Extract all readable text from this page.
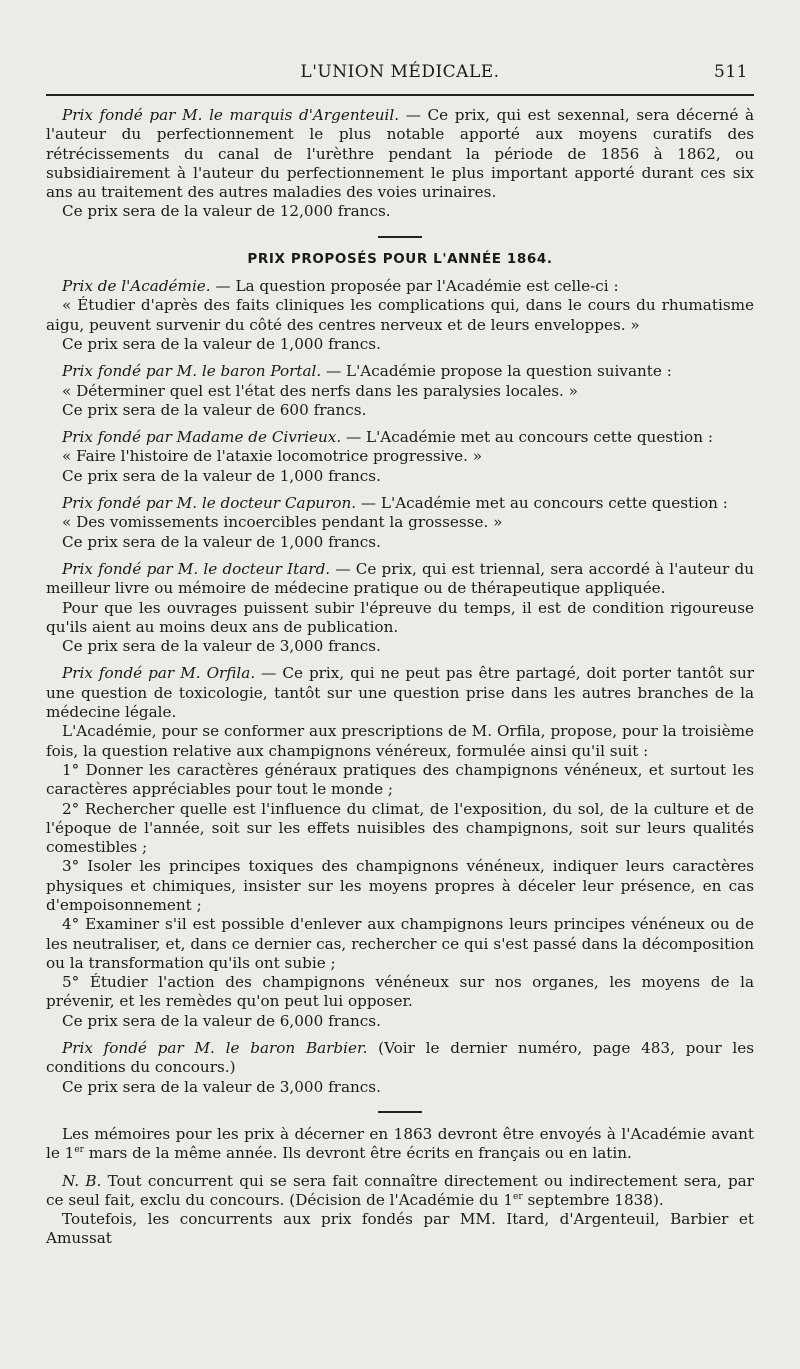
L'UNION MÉDICALE.	511

Prix fondé par M. le marquis d'Argenteuil. — Ce prix, qui est sexennal, sera décerné à l'auteur du perfectionnement le plus notable apporté aux moyens curatifs des rétrécissements du canal de l'urèthre pendant la période de 1856 à 1862, ou subsidiairement à l'auteur du perfectionnement le plus important apporté durant ces six ans au traitement des autres maladies des voies urinaires.

Ce prix sera de la valeur de 12,000 francs.

PRIX PROPOSÉS POUR L'ANNÉE 1864.

Prix de l'Académie. — La question proposée par l'Académie est celle-ci :

« Étudier d'après des faits cliniques les complications qui, dans le cours du rhumatisme aigu, peuvent survenir du côté des centres nerveux et de leurs enveloppes. »

Ce prix sera de la valeur de 1,000 francs.

Prix fondé par M. le baron Portal. — L'Académie propose la question suivante :

« Déterminer quel est l'état des nerfs dans les paralysies locales. »

Ce prix sera de la valeur de 600 francs.

Prix fondé par Madame de Civrieux. — L'Académie met au concours cette question :

« Faire l'histoire de l'ataxie locomotrice progressive. »

Ce prix sera de la valeur de 1,000 francs.

Prix fondé par M. le docteur Capuron. — L'Académie met au concours cette question :

« Des vomissements incoercibles pendant la grossesse. »

Ce prix sera de la valeur de 1,000 francs.

Prix fondé par M. le docteur Itard. — Ce prix, qui est triennal, sera accordé à l'auteur du meilleur livre ou mémoire de médecine pratique ou de thérapeutique appliquée.

Pour que les ouvrages puissent subir l'épreuve du temps, il est de condition rigoureuse qu'ils aient au moins deux ans de publication.

Ce prix sera de la valeur de 3,000 francs.

Prix fondé par M. Orfila. — Ce prix, qui ne peut pas être partagé, doit porter tantôt sur une question de toxicologie, tantôt sur une question prise dans les autres branches de la médecine légale.

L'Académie, pour se conformer aux prescriptions de M. Orfila, propose, pour la troisième fois, la question relative aux champignons vénéreux, formulée ainsi qu'il suit :

1° Donner les caractères généraux pratiques des champignons vénéneux, et surtout les caractères appréciables pour tout le monde ;

2° Rechercher quelle est l'influence du climat, de l'exposition, du sol, de la culture et de l'époque de l'année, soit sur les effets nuisibles des champignons, soit sur leurs qualités comestibles ;

3° Isoler les principes toxiques des champignons vénéneux, indiquer leurs caractères physiques et chimiques, insister sur les moyens propres à déceler leur présence, en cas d'empoisonnement ;

4° Examiner s'il est possible d'enlever aux champignons leurs principes vénéneux ou de les neutraliser, et, dans ce dernier cas, rechercher ce qui s'est passé dans la décomposition ou la transformation qu'ils ont subie ;

5° Étudier l'action des champignons vénéneux sur nos organes, les moyens de la prévenir, et les remèdes qu'on peut lui opposer.

Ce prix sera de la valeur de 6,000 francs.

Prix fondé par M. le baron Barbier. (Voir le dernier numéro, page 483, pour les conditions du concours.)

Ce prix sera de la valeur de 3,000 francs.

Les mémoires pour les prix à décerner en 1863 devront être envoyés à l'Académie avant le 1er mars de la même année. Ils devront être écrits en français ou en latin.

N. B. Tout concurrent qui se sera fait connaître directement ou indirectement sera, par ce seul fait, exclu du concours. (Décision de l'Académie du 1er septembre 1838).

Toutefois, les concurrents aux prix fondés par MM. Itard, d'Argenteuil, Barbier et Amussat
